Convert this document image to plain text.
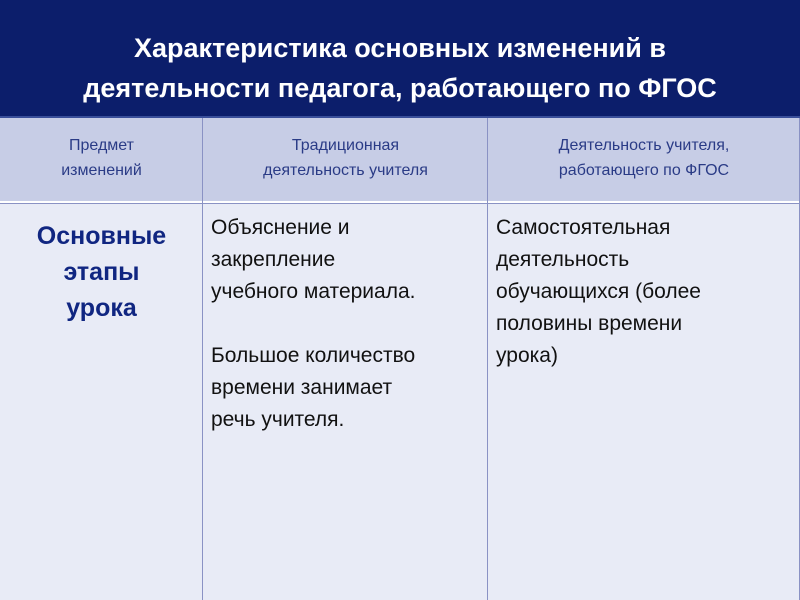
Характеристика основных изменений в
деятельности педагога, работающего по ФГОС
Предмет
изменений
Традиционная
деятельность учителя
Деятельность учителя,
работающего по ФГОС
Основные
этапы
урока
Объяснение и
закрепление
учебного материала.
Большое количество
времени занимает
речь учителя.
Самостоятельная
деятельность
обучающихся (более
половины времени
урока)
